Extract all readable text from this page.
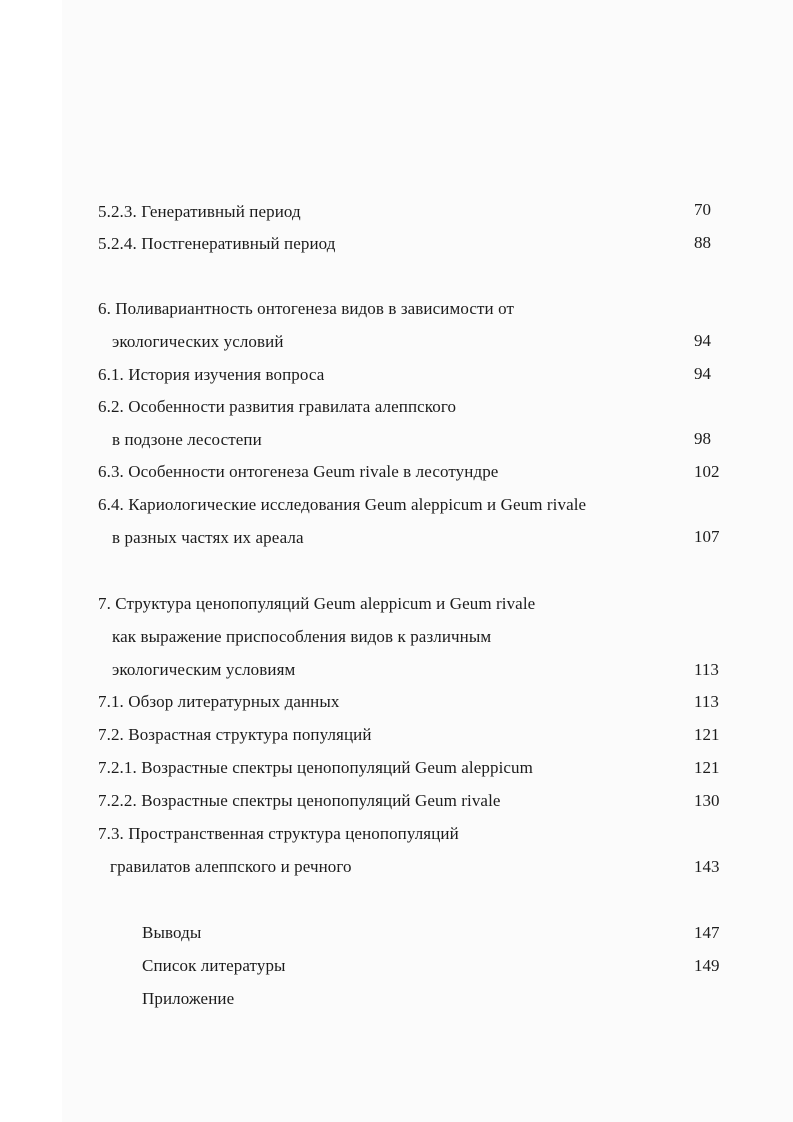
5.2.3. Генеративный период	70
5.2.4. Постгенеративный период	88
6. Поливариантность онтогенеза видов в зависимости от
экологических условий	94
6.1. История изучения вопроса	94
6.2. Особенности развития гравилата алеппского
в подзоне лесостепи	98
6.3. Особенности онтогенеза Geum rivale в лесотундре	102
6.4. Кариологические исследования Geum aleppicum и Geum rivale
в разных частях их ареала	107
7. Структура ценопопуляций Geum aleppicum и Geum rivale
как выражение приспособления видов к различным
экологическим условиям	113
7.1. Обзор литературных данных	113
7.2. Возрастная структура популяций	121
7.2.1. Возрастные спектры ценопопуляций Geum aleppicum	121
7.2.2. Возрастные спектры ценопопуляций Geum rivale	130
7.3. Пространственная структура ценопопуляций
гравилатов алеппского и речного	143
Выводы	147
Список литературы	149
Приложение
